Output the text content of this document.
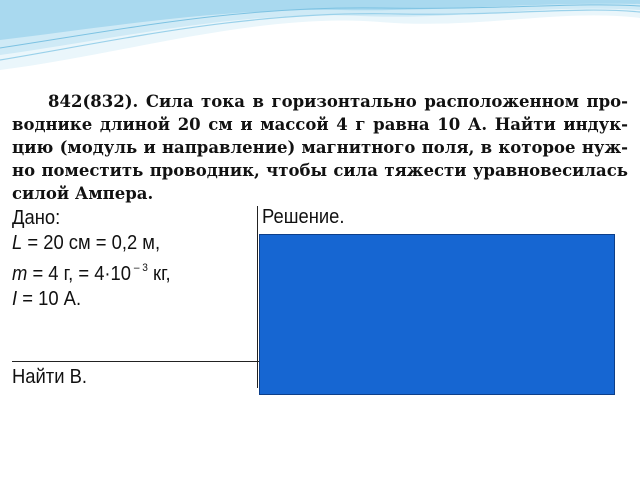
842(832). Сила тока в горизонтально расположенном про-водникe длиной 20 см и массой 4 г равна 10 А. Найти индук-цию (модуль и направление) магнитного поля, в которое нуж-но поместить проводник, чтобы сила тяжести уравновесилась силой Ампера.
Дано:
L = 20 см = 0,2 м,
m = 4 г, = 4·10 $^{- 3}$ кг,
I = 10 А.
Найти B.
Решение.
